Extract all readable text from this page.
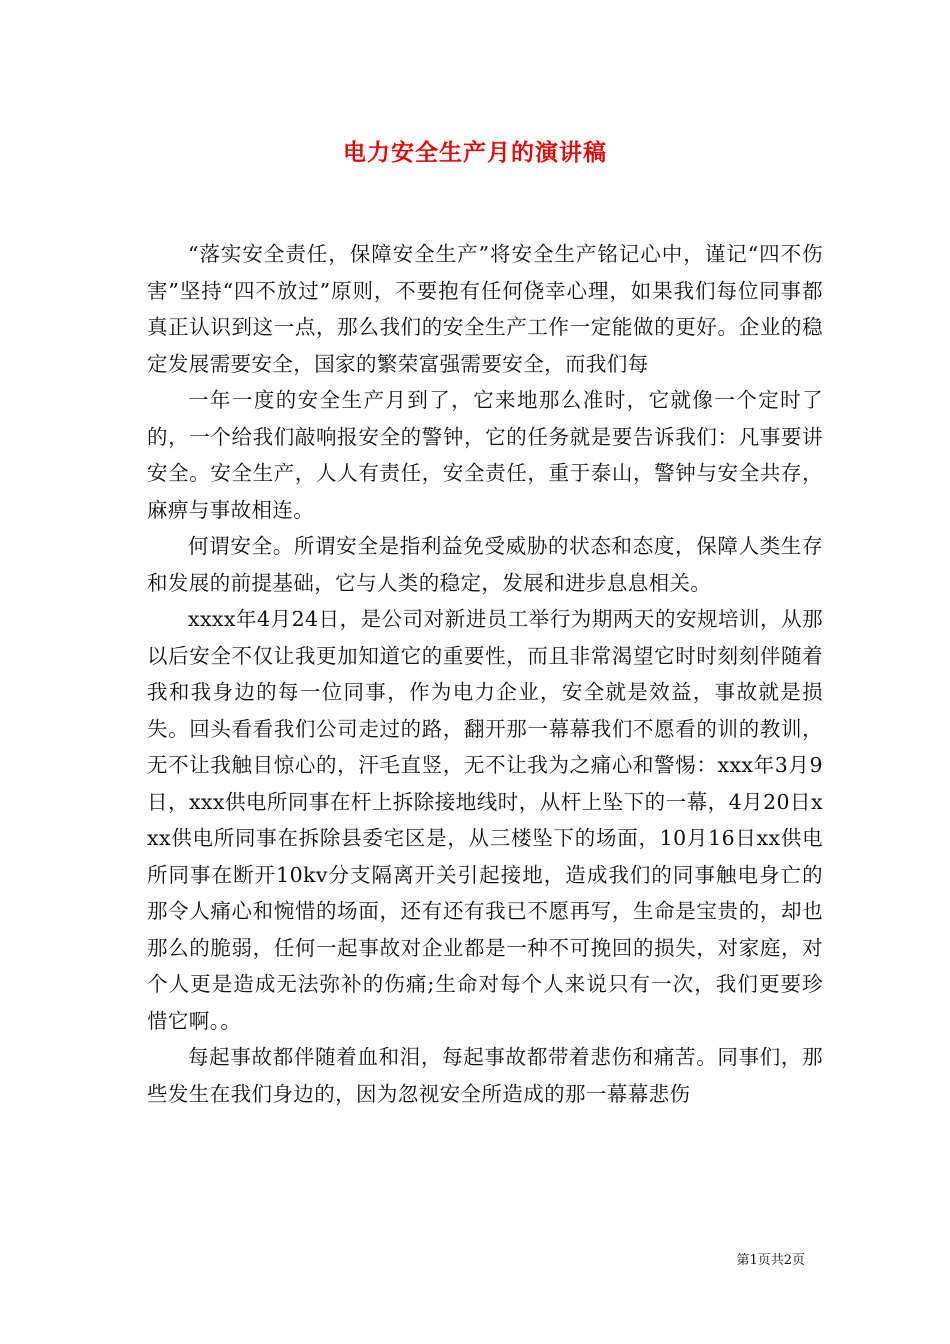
电力安全生产月的演讲稿

“落实安全责任，保障安全生产”将安全生产铭记心中，谨记“四不伤害”坚持“四不放过”原则，不要抱有任何侥幸心理，如果我们每位同事都真正认识到这一点，那么我们的安全生产工作一定能做的更好。企业的稳定发展需要安全，国家的繁荣富强需要安全，而我们每

一年一度的安全生产月到了，它来地那么准时，它就像一个定时了的，一个给我们敲响报安全的警钟，它的任务就是要告诉我们：凡事要讲安全。安全生产，人人有责任，安全责任，重于泰山，警钟与安全共存，麻痹与事故相连。

何谓安全。所谓安全是指利益免受威胁的状态和态度，保障人类生存和发展的前提基础，它与人类的稳定，发展和进步息息相关。

xxxx年4月24日，是公司对新进员工举行为期两天的安规培训，从那以后安全不仅让我更加知道它的重要性，而且非常渴望它时时刻刻伴随着我和我身边的每一位同事，作为电力企业，安全就是效益，事故就是损失。回头看看我们公司走过的路，翻开那一幕幕我们不愿看的训的教训，无不让我触目惊心的，汗毛直竖，无不让我为之痛心和警惕：xxx年3月9日，xxx供电所同事在杆上拆除接地线时，从杆上坠下的一幕，4月20日xxx供电所同事在拆除县委宅区是，从三楼坠下的场面，10月16日xx供电所同事在断开10kv分支隔离开关引起接地，造成我们的同事触电身亡的那令人痛心和惋惜的场面，还有还有我已不愿再写，生命是宝贵的，却也那么的脆弱，任何一起事故对企业都是一种不可挽回的损失，对家庭，对个人更是造成无法弥补的伤痛;生命对每个人来说只有一次，我们更要珍惜它啊。。

每起事故都伴随着血和泪，每起事故都带着悲伤和痛苦。同事们，那些发生在我们身边的，因为忽视安全所造成的那一幕幕悲伤

第1页共2页
